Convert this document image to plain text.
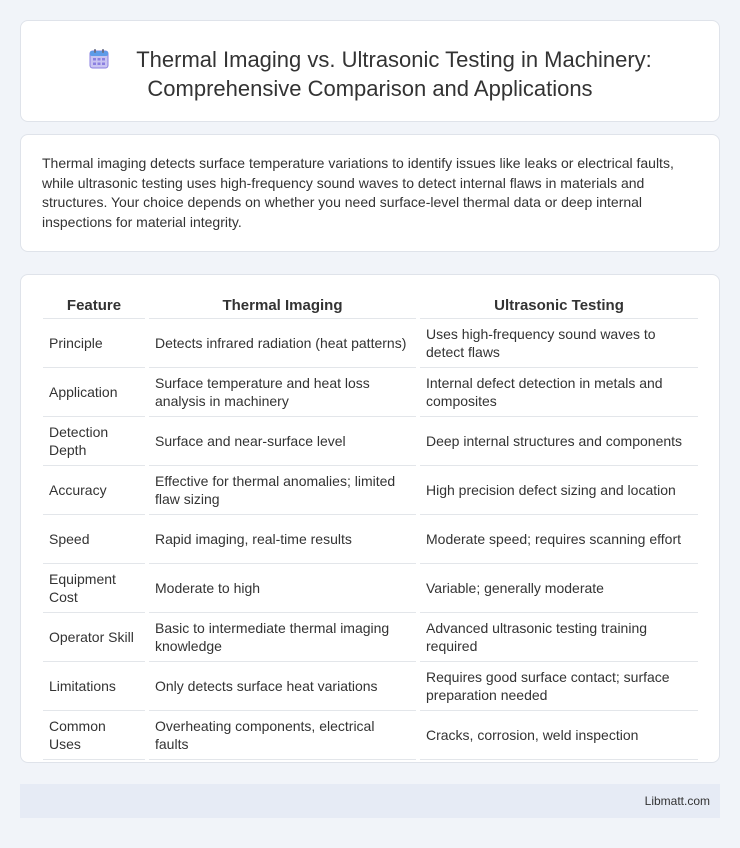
Thermal Imaging vs. Ultrasonic Testing in Machinery:
Comprehensive Comparison and Applications

Thermal imaging detects surface temperature variations to identify issues like leaks or electrical faults, while ultrasonic testing uses high-frequency sound waves to detect internal flaws in materials and structures. Your choice depends on whether you need surface-level thermal data or deep internal inspections for material integrity.

Feature	Thermal Imaging	Ultrasonic Testing
Principle	Detects infrared radiation (heat patterns)	Uses high-frequency sound waves to detect flaws
Application	Surface temperature and heat loss analysis in machinery	Internal defect detection in metals and composites
Detection Depth	Surface and near-surface level	Deep internal structures and components
Accuracy	Effective for thermal anomalies; limited flaw sizing	High precision defect sizing and location
Speed	Rapid imaging, real-time results	Moderate speed; requires scanning effort
Equipment Cost	Moderate to high	Variable; generally moderate
Operator Skill	Basic to intermediate thermal imaging knowledge	Advanced ultrasonic testing training required
Limitations	Only detects surface heat variations	Requires good surface contact; surface preparation needed
Common Uses	Overheating components, electrical faults	Cracks, corrosion, weld inspection
Libmatt.com
